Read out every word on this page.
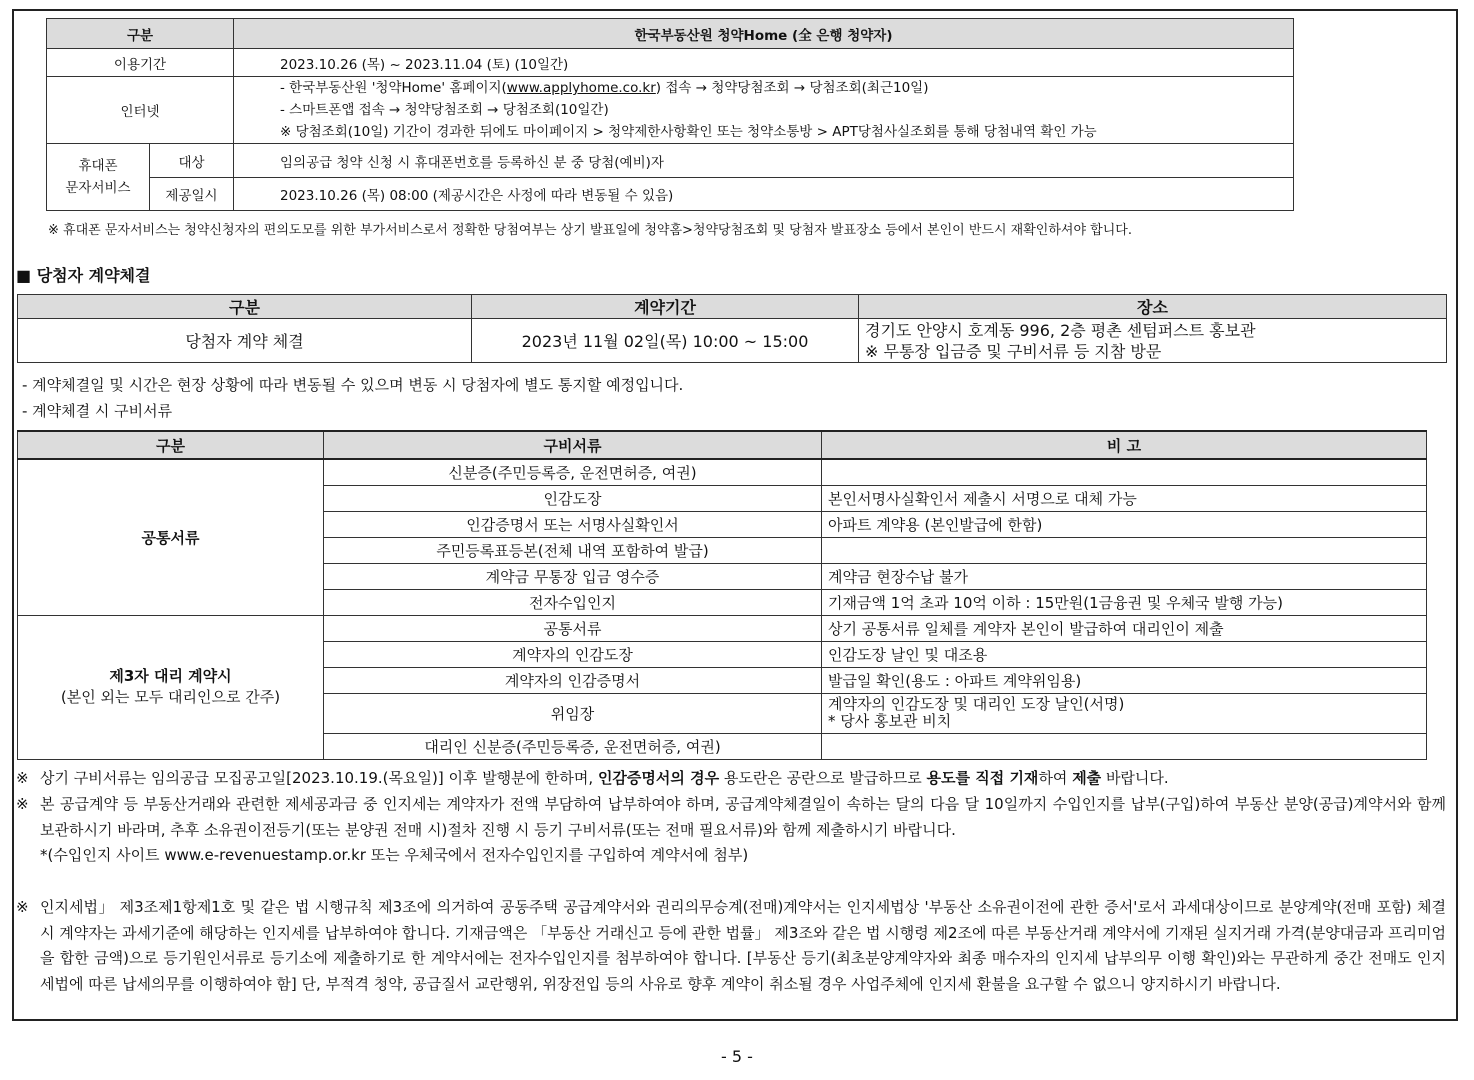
구분		한국부동산원 청약Home (全 은행 청약자)
이용기간		2023.10.26 (목) ~ 2023.11.04 (토) (10일간)
인터넷		- 한국부동산원 '청약Home' 홈페이지(www.applyhome.co.kr) 접속 → 청약당첨조회 → 당첨조회(최근10일)
- 스마트폰앱 접속 → 청약당첨조회 → 당첨조회(10일간)
※ 당첨조회(10일) 기간이 경과한 뒤에도 마이페이지 > 청약제한사항확인 또는 청약소통방 > APT당첨사실조회를 통해 당첨내역 확인 가능

휴대폰
문자서비스	대상	임의공급 청약 신청 시 휴대폰번호를 등록하신 분 중 당첨(예비)자
	제공일시	2023.10.26 (목) 08:00 (제공시간은 사정에 따라 변동될 수 있음)
※ 휴대폰 문자서비스는 청약신청자의 편의도모를 위한 부가서비스로서 정확한 당첨여부는 상기 발표일에 청약홈>청약당첨조회 및 당첨자 발표장소 등에서 본인이 반드시 재확인하셔야 합니다.
■ 당첨자 계약체결
구분	계약기간	장소
당첨자 계약 체결	2023년 11월 02일(목) 10:00 ~ 15:00	경기도 안양시 호계동 996, 2층 평촌 센텀퍼스트 홍보관
※ 무통장 입금증 및 구비서류 등 지참 방문
- 계약체결일 및 시간은 현장 상황에 따라 변동될 수 있으며 변동 시 당첨자에 별도 통지할 예정입니다.
- 계약체결 시 구비서류
구분	구비서류	비 고
공통서류	신분증(주민등록증, 운전면허증, 여권)	
	인감도장	본인서명사실확인서 제출시 서명으로 대체 가능
	인감증명서 또는 서명사실확인서	아파트 계약용 (본인발급에 한함)
	주민등록표등본(전체 내역 포함하여 발급)	
	계약금 무통장 입금 영수증	계약금 현장수납 불가
	전자수입인지	기재금액 1억 초과 10억 이하 : 15만원(1금융권 및 우체국 발행 가능)

제3자 대리 계약시
(본인 외는 모두 대리인으로 간주)	공통서류	상기 공통서류 일체를 계약자 본인이 발급하여 대리인이 제출
	계약자의 인감도장	인감도장 날인 및 대조용
	계약자의 인감증명서	발급일 확인(용도 : 아파트 계약위임용)
	위임장	계약자의 인감도장 및 대리인 도장 날인(서명)
* 당사 홍보관 비치

	대리인 신분증(주민등록증, 운전면허증, 여권)	
※ 상기 구비서류는 임의공급 모집공고일[2023.10.19.(목요일)] 이후 발행분에 한하며, 인감증명서의 경우 용도란은 공란으로 발급하므로 용도를 직접 기재하여 제출 바랍니다.
※ 본 공급계약 등 부동산거래와 관련한 제세공과금 중 인지세는 계약자가 전액 부담하여 납부하여야 하며, 공급계약체결일이 속하는 달의 다음 달 10일까지 수입인지를 납부(구입)하여 부동산 분양(공급)계약서와 함께 보관하시기 바라며, 추후 소유권이전등기(또는 분양권 전매 시)절차 진행 시 등기 구비서류(또는 전매 필요서류)와 함께 제출하시기 바랍니다.
*(수입인지 사이트 www.e-revenuestamp.or.kr 또는 우체국에서 전자수입인지를 구입하여 계약서에 첨부)
※ 인지세법」 제3조제1항제1호 및 같은 법 시행규칙 제3조에 의거하여 공동주택 공급계약서와 권리의무승계(전매)계약서는 인지세법상 '부동산 소유권이전에 관한 증서'로서 과세대상이므로 분양계약(전매 포함) 체결 시 계약자는 과세기준에 해당하는 인지세를 납부하여야 합니다. 기재금액은 「부동산 거래신고 등에 관한 법률」 제3조와 같은 법 시행령 제2조에 따른 부동산거래 계약서에 기재된 실지거래 가격(분양대금과 프리미엄을 합한 금액)으로 등기원인서류로 등기소에 제출하기로 한 계약서에는 전자수입인지를 첨부하여야 합니다. [부동산 등기(최초분양계약자와 최종 매수자의 인지세 납부의무 이행 확인)와는 무관하게 중간 전매도 인지세법에 따른 납세의무를 이행하여야 함] 단, 부적격 청약, 공급질서 교란행위, 위장전입 등의 사유로 향후 계약이 취소될 경우 사업주체에 인지세 환불을 요구할 수 없으니 양지하시기 바랍니다.
- 5 -
